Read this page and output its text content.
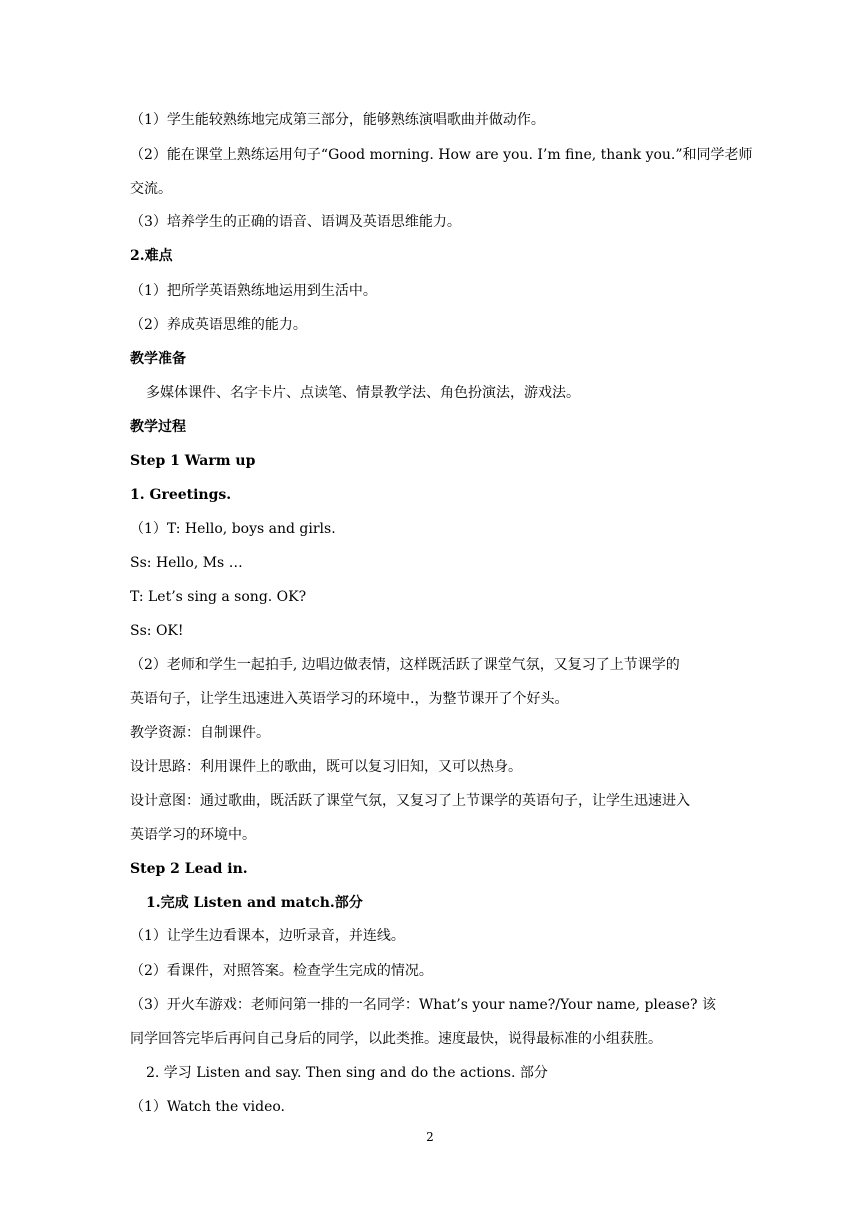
（1）学生能较熟练地完成第三部分，能够熟练演唱歌曲并做动作。

（2）能在课堂上熟练运用句子“Good morning. How are you. I’m fine, thank you.”和同学老师

交流。

（3）培养学生的正确的语音、语调及英语思维能力。

2.难点

（1）把所学英语熟练地运用到生活中。

（2）养成英语思维的能力。

教学准备

多媒体课件、名字卡片、点读笔、情景教学法、角色扮演法，游戏法。

教学过程

Step 1 Warm up

1. Greetings.

（1）T: Hello, boys and girls.

Ss: Hello, Ms …

T: Let’s sing a song. OK?

Ss: OK!

（2）老师和学生一起拍手, 边唱边做表情，这样既活跃了课堂气氛，又复习了上节课学的

英语句子，让学生迅速进入英语学习的环境中.，为整节课开了个好头。

教学资源：自制课件。

设计思路：利用课件上的歌曲，既可以复习旧知，又可以热身。

设计意图：通过歌曲，既活跃了课堂气氛，又复习了上节课学的英语句子，让学生迅速进入

英语学习的环境中。

Step 2 Lead in.

1.完成 Listen and match.部分

（1）让学生边看课本，边听录音，并连线。

（2）看课件，对照答案。检查学生完成的情况。

（3）开火车游戏：老师问第一排的一名同学：What’s your name?/Your name, please? 该

同学回答完毕后再问自己身后的同学，以此类推。速度最快，说得最标准的小组获胜。

2. 学习 Listen and say. Then sing and do the actions. 部分

（1）Watch the video.

2
